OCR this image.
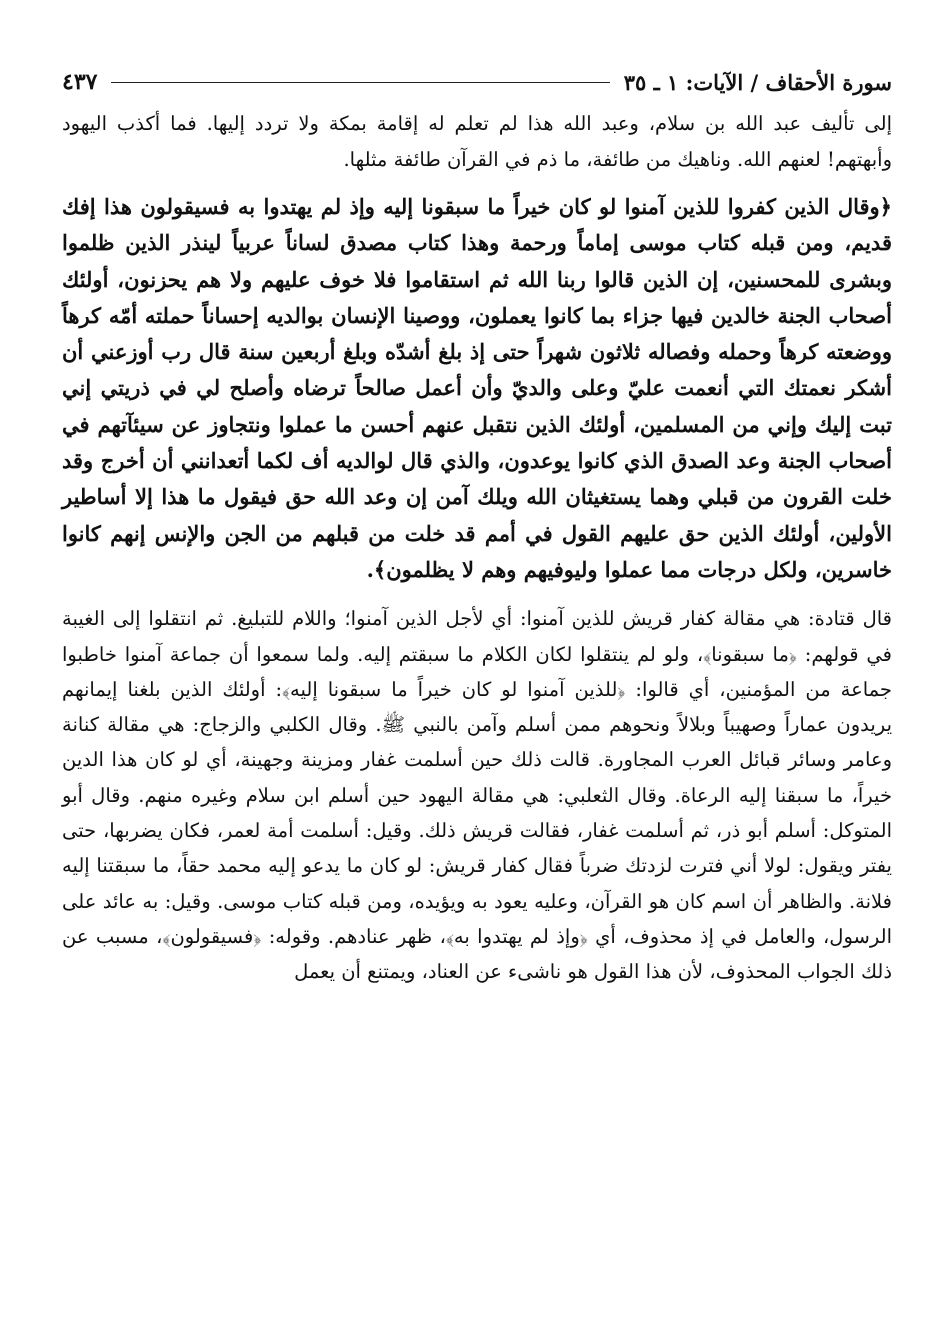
سورة الأحقاف / الآيات: ١ ـ ٣٥
٤٣٧

إلى تأليف عبد الله بن سلام، وعبد الله هذا لم تعلم له إقامة بمكة ولا تردد إليها. فما أكذب اليهود وأبهتهم! لعنهم الله. وناهيك من طائفة، ما ذم في القرآن طائفة مثلها.

﴿وقال الذين كفروا للذين آمنوا لو كان خيراً ما سبقونا إليه وإذ لم يهتدوا به فسيقولون هذا إفك قديم، ومن قبله كتاب موسى إماماً ورحمة وهذا كتاب مصدق لساناً عربياً لينذر الذين ظلموا وبشرى للمحسنين، إن الذين قالوا ربنا الله ثم استقاموا فلا خوف عليهم ولا هم يحزنون، أولئك أصحاب الجنة خالدين فيها جزاء بما كانوا يعملون، ووصينا الإنسان بوالديه إحساناً حملته أمّه كرهاً ووضعته كرهاً وحمله وفصاله ثلاثون شهراً حتى إذ بلغ أشدّه وبلغ أربعين سنة قال رب أوزعني أن أشكر نعمتك التي أنعمت عليّ وعلى والديّ وأن أعمل صالحاً ترضاه وأصلح لي في ذريتي إني تبت إليك وإني من المسلمين، أولئك الذين نتقبل عنهم أحسن ما عملوا ونتجاوز عن سيئآتهم في أصحاب الجنة وعد الصدق الذي كانوا يوعدون، والذي قال لوالديه أف لكما أتعدانني أن أخرج وقد خلت القرون من قبلي وهما يستغيثان الله ويلك آمن إن وعد الله حق فيقول ما هذا إلا أساطير الأولين، أولئك الذين حق عليهم القول في أمم قد خلت من قبلهم من الجن والإنس إنهم كانوا خاسرين، ولكل درجات مما عملوا وليوفيهم وهم لا يظلمون﴾.

قال قتادة: هي مقالة كفار قريش للذين آمنوا: أي لأجل الذين آمنوا؛ واللام للتبليغ. ثم انتقلوا إلى الغيبة في قولهم: ﴿ما سبقونا﴾، ولو لم ينتقلوا لكان الكلام ما سبقتم إليه. ولما سمعوا أن جماعة آمنوا خاطبوا جماعة من المؤمنين، أي قالوا: ﴿للذين آمنوا لو كان خيراً ما سبقونا إليه﴾: أولئك الذين بلغنا إيمانهم يريدون عماراً وصهيباً وبلالاً ونحوهم ممن أسلم وآمن بالنبي ﷺ. وقال الكلبي والزجاج: هي مقالة كنانة وعامر وسائر قبائل العرب المجاورة. قالت ذلك حين أسلمت غفار ومزينة وجهينة، أي لو كان هذا الدين خيراً، ما سبقنا إليه الرعاة. وقال الثعلبي: هي مقالة اليهود حين أسلم ابن سلام وغيره منهم. وقال أبو المتوكل: أسلم أبو ذر، ثم أسلمت غفار، فقالت قريش ذلك. وقيل: أسلمت أمة لعمر، فكان يضربها، حتى يفتر ويقول: لولا أني فترت لزدتك ضرباً فقال كفار قريش: لو كان ما يدعو إليه محمد حقاً، ما سبقتنا إليه فلانة. والظاهر أن اسم كان هو القرآن، وعليه يعود به ويؤيده، ومن قبله كتاب موسى. وقيل: به عائد على الرسول، والعامل في إذ محذوف، أي ﴿وإذ لم يهتدوا به﴾، ظهر عنادهم. وقوله: ﴿فسيقولون﴾، مسبب عن ذلك الجواب المحذوف، لأن هذا القول هو ناشىء عن العناد، ويمتنع أن يعمل
